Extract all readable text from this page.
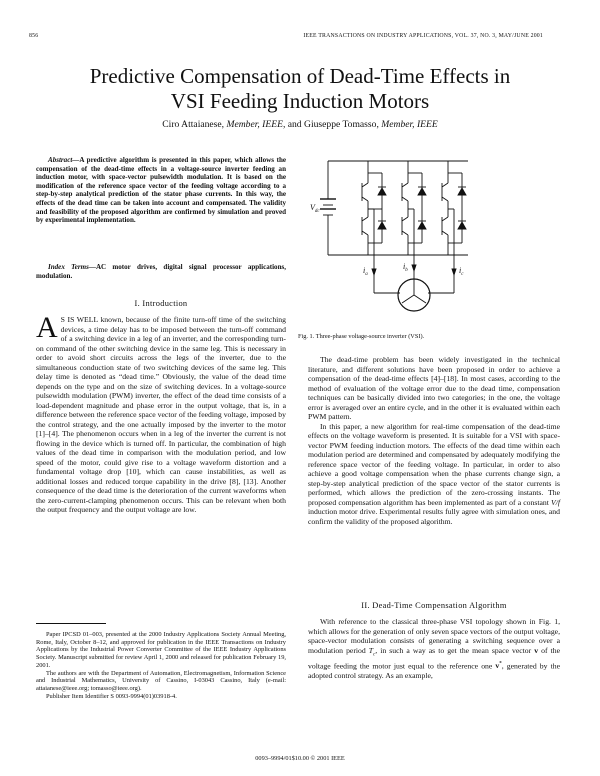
856	IEEE TRANSACTIONS ON INDUSTRY APPLICATIONS, VOL. 37, NO. 3, MAY/JUNE 2001
Predictive Compensation of Dead-Time Effects in
VSI Feeding Induction Motors
Ciro Attaianese, Member, IEEE, and Giuseppe Tomasso, Member, IEEE

Abstract—A predictive algorithm is presented in this paper, which allows the compensation of the dead-time effects in a voltage-source inverter feeding an induction motor, with space-vector pulsewidth modulation. It is based on the modification of the reference space vector of the feeding voltage according to a step-by-step analytical prediction of the stator phase currents. In this way, the effects of the dead time can be taken into account and compensated. The validity and feasibility of the proposed algorithm are confirmed by simulation and proved by experimental implementation.

Index Terms—AC motor drives, digital signal processor applications, modulation.

I. Introduction

A S IS WELL known, because of the finite turn-off time of the switching devices, a time delay has to be imposed between the turn-off command of a switching device in a leg of an inverter, and the corresponding turn-on command of the other switching device in the same leg. This is necessary in order to avoid short circuits across the legs of the inverter, due to the simultaneous conduction state of two switching devices of the same leg. This delay time is denoted as “dead time.” Obviously, the value of the dead time depends on the type and on the size of switching devices. In a voltage-source pulsewidth modulation (PWM) inverter, the effect of the dead time consists of a load-dependent magnitude and phase error in the output voltage, that is, in a difference between the reference space vector of the feeding voltage, imposed by the control strategy, and the one actually imposed by the inverter to the motor [1]–[4]. The phenomenon occurs when in a leg of the inverter the current is not flowing in the device which is turned off. In particular, the combination of high values of the dead time in comparison with the modulation period, and low speed of the motor, could give rise to a voltage waveform distortion and a fundamental voltage drop [10], which can cause instabilities, as well as additional losses and reduced torque capability in the drive [8], [13]. Another consequence of the dead time is the deterioration of the current waveforms when the zero-current-clamping phenomenon occurs. This can be relevant when both the output frequency and the output voltage are low.

Paper IPCSD 01–003, presented at the 2000 Industry Applications Society Annual Meeting, Rome, Italy, October 8–12, and approved for publication in the IEEE Transactions on Industry Applications by the Industrial Power Converter Committee of the IEEE Industry Applications Society. Manuscript submitted for review April 1, 2000 and released for publication February 19, 2001.

The authors are with the Department of Automation, Electromagnetism, Information Science and Industrial Mathematics, University of Cassino, I-03043 Cassino, Italy (e-mail: attaianese@ieee.org; tomasso@ieee.org).

Publisher Item Identifier S 0093-9994(01)03918-4.

$V_{dc}$
$i_a$
$i_b$	$i_c$
Fig. 1. Three-phase voltage-source inverter (VSI).

The dead-time problem has been widely investigated in the technical literature, and different solutions have been proposed in order to achieve a compensation of the dead-time effects [4]–[18]. In most cases, according to the method of evaluation of the voltage error due to the dead time, compensation techniques can be basically divided into two categories; in the one, the voltage error is averaged over an entire cycle, and in the other it is evaluated within each PWM pattern.

In this paper, a new algorithm for real-time compensation of the dead-time effects on the voltage waveform is presented. It is suitable for a VSI with space-vector PWM feeding induction motors. The effects of the dead time within each modulation period are determined and compensated by adequately modifying the reference space vector of the feeding voltage. In particular, in order to also achieve a good voltage compensation when the phase currents change sign, a step-by-step analytical prediction of the space vector of the stator currents is performed, which allows the prediction of the zero-crossing instants. The proposed compensation algorithm has been implemented as part of a constant V/f induction motor drive. Experimental results fully agree with simulation ones, and confirm the validity of the proposed algorithm.

II. Dead-Time Compensation Algorithm

With reference to the classical three-phase VSI topology shown in Fig. 1, which allows for the generation of only seven space vectors of the output voltage, space-vector modulation consists of generating a switching sequence over a modulation period $T_c$, in such a way as to get the mean space vector v of the voltage feeding the motor just equal to the reference one v*, generated by the adopted control strategy. As an example,

0093–9994/01$10.00 © 2001 IEEE
